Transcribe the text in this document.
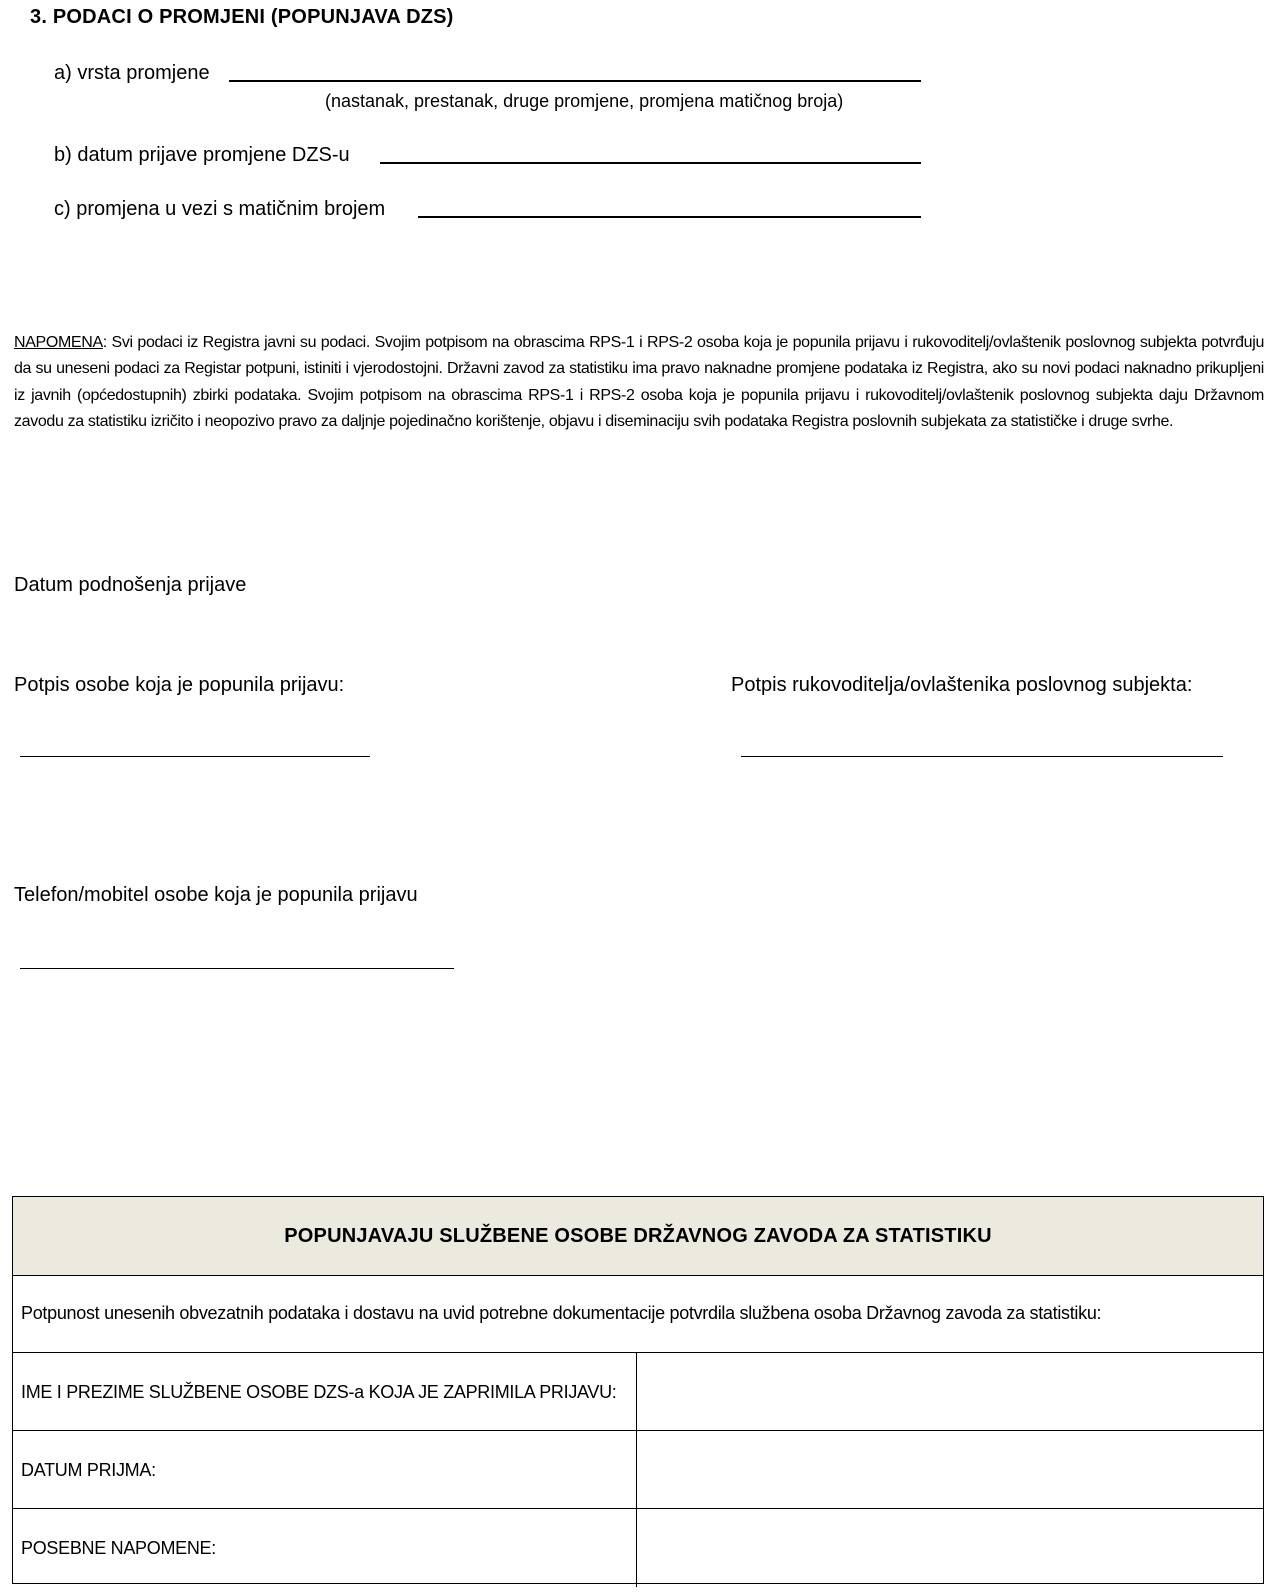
3. PODACI O PROMJENI (POPUNJAVA DZS)
a) vrsta promjene
(nastanak, prestanak, druge promjene, promjena matičnog broja)
b) datum prijave promjene DZS-u
c) promjena u vezi s matičnim brojem
NAPOMENA: Svi podaci iz Registra javni su podaci. Svojim potpisom na obrascima RPS-1 i RPS-2 osoba koja je popunila prijavu i rukovoditelj/ovlaštenik poslovnog subjekta potvrđuju da su uneseni podaci za Registar potpuni, istiniti i vjerodostojni. Državni zavod za statistiku ima pravo naknadne promjene podataka iz Registra, ako su novi podaci naknadno prikupljeni iz javnih (općedostupnih) zbirki podataka. Svojim potpisom na obrascima RPS-1 i RPS-2 osoba koja je popunila prijavu i rukovoditelj/ovlaštenik poslovnog subjekta daju Državnom zavodu za statistiku izričito i neopozivo pravo za daljnje pojedinačno korištenje, objavu i diseminaciju svih podataka Registra poslovnih subjekata za statističke i druge svrhe.
Datum podnošenja prijave
Potpis osobe koja je popunila prijavu:	Potpis rukovoditelja/ovlaštenika poslovnog subjekta:
Telefon/mobitel osobe koja je popunila prijavu
POPUNJAVAJU SLUŽBENE OSOBE DRŽAVNOG ZAVODA ZA STATISTIKU
Potpunost unesenih obvezatnih podataka i dostavu na uvid potrebne dokumentacije potvrdila službena osoba Državnog zavoda za statistiku:
IME I PREZIME SLUŽBENE OSOBE DZS-a KOJA JE ZAPRIMILA PRIJAVU:
DATUM PRIJMA:
POSEBNE NAPOMENE:
